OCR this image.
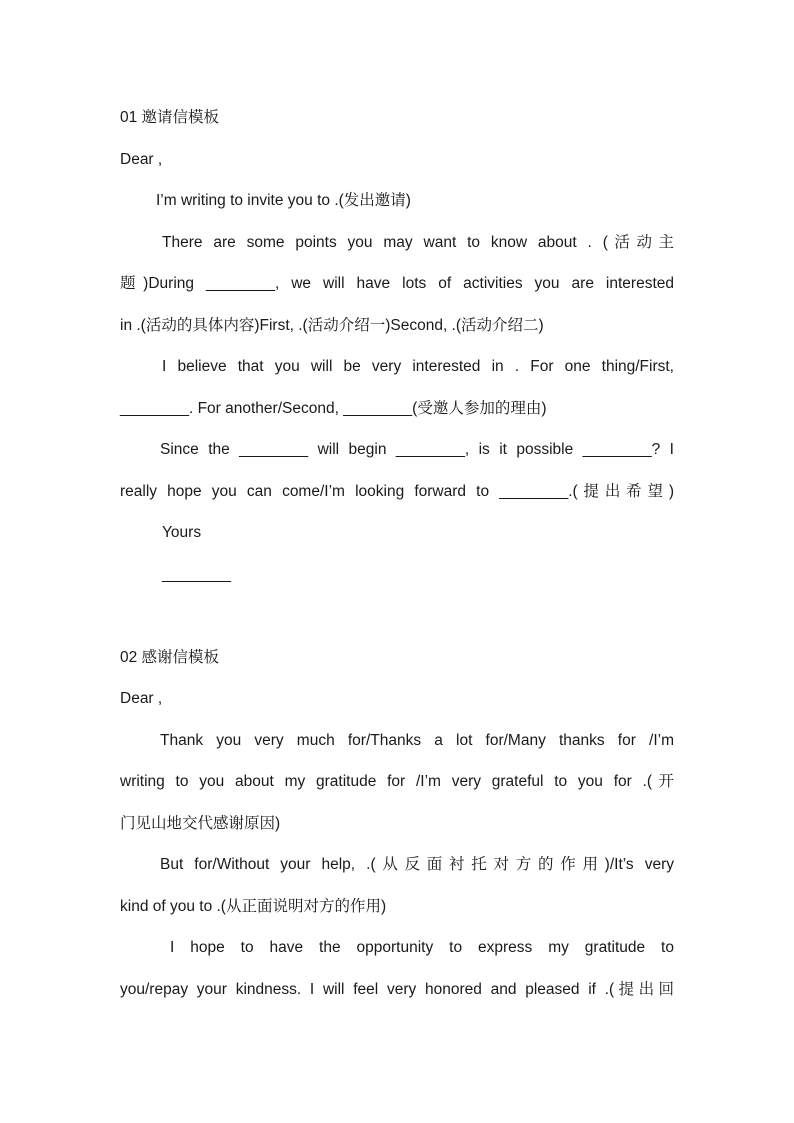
01 邀请信模板
Dear ,
I’m writing to invite you to .(发出邀请)
There are some points you may want to know about . (活动主
题)During ________, we will have lots of activities you are interested
in .(活动的具体内容)First, .(活动介绍一)Second, .(活动介绍二)
I believe that you will be very interested in . For one thing/First,
________. For another/Second, ________(受邀人参加的理由)
Since the ________ will begin ________, is it possible ________? I
really hope you can come/I’m looking forward to ________.(提出希望)
Yours
________
02 感谢信模板
Dear ,
Thank you very much for/Thanks a lot for/Many thanks for /I’m
writing to you about my gratitude for /I’m very grateful to you for .(开
门见山地交代感谢原因)
But for/Without your help, .(从反面衬托对方的作用)/It’s very
kind of you to .(从正面说明对方的作用)
I hope to have the opportunity to express my gratitude to
you/repay your kindness. I will feel very honored and pleased if .(提出回
